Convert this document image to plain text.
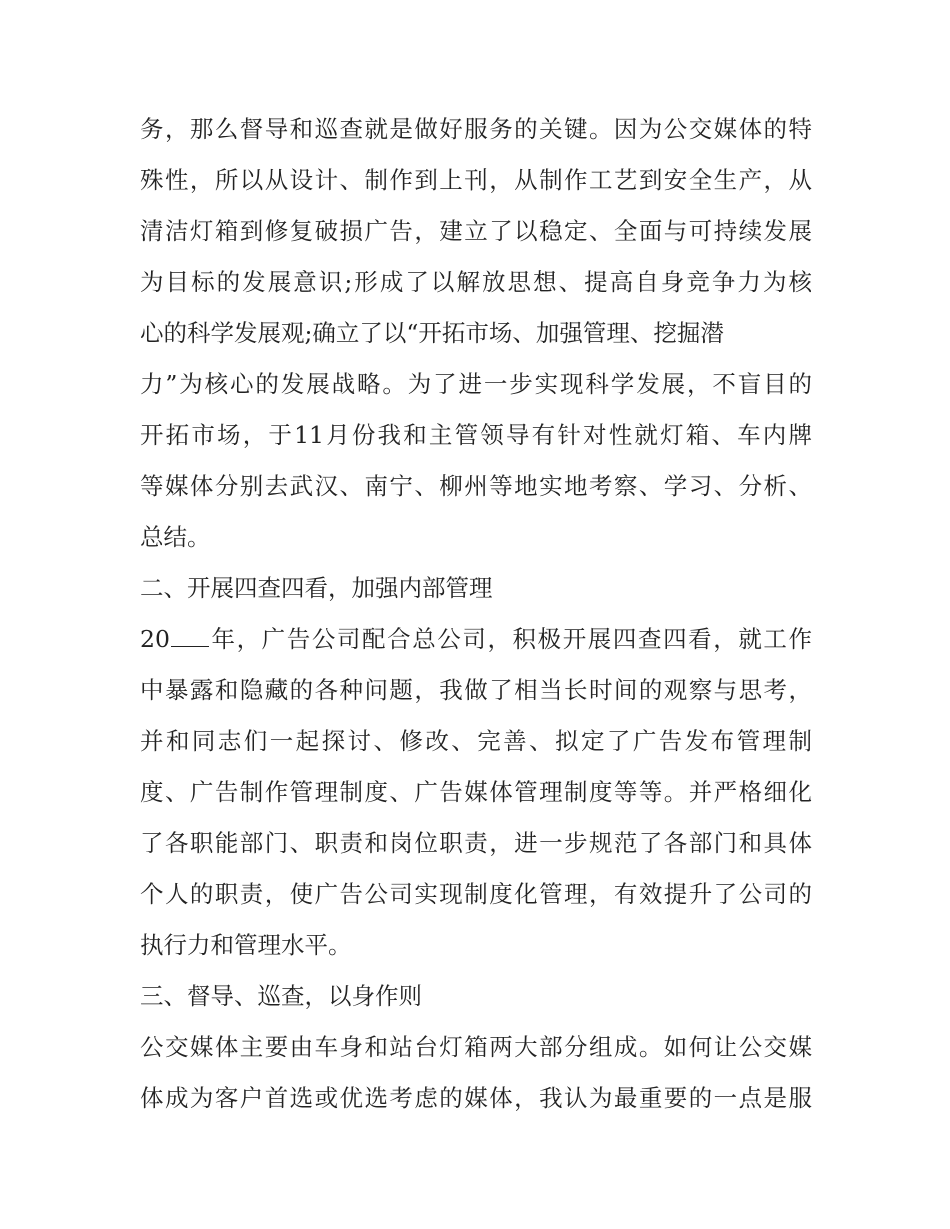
务，那么督导和巡查就是做好服务的关键。因为公交媒体的特
殊性，所以从设计、制作到上刊，从制作工艺到安全生产，从
清洁灯箱到修复破损广告，建立了以稳定、全面与可持续发展
为目标的发展意识;形成了以解放思想、提高自身竞争力为核
心的科学发展观;确立了以“开拓市场、加强管理、挖掘潜
力”为核心的发展战略。为了进一步实现科学发展，不盲目的
开拓市场，于11月份我和主管领导有针对性就灯箱、车内牌
等媒体分别去武汉、南宁、柳州等地实地考察、学习、分析、
总结。
二、开展四查四看，加强内部管理
20 年，广告公司配合总公司，积极开展四查四看，就工作
中暴露和隐藏的各种问题，我做了相当长时间的观察与思考，
并和同志们一起探讨、修改、完善、拟定了广告发布管理制
度、广告制作管理制度、广告媒体管理制度等等。并严格细化
了各职能部门、职责和岗位职责，进一步规范了各部门和具体
个人的职责，使广告公司实现制度化管理，有效提升了公司的
执行力和管理水平。
三、督导、巡查，以身作则
公交媒体主要由车身和站台灯箱两大部分组成。如何让公交媒
体成为客户首选或优选考虑的媒体，我认为最重要的一点是服
